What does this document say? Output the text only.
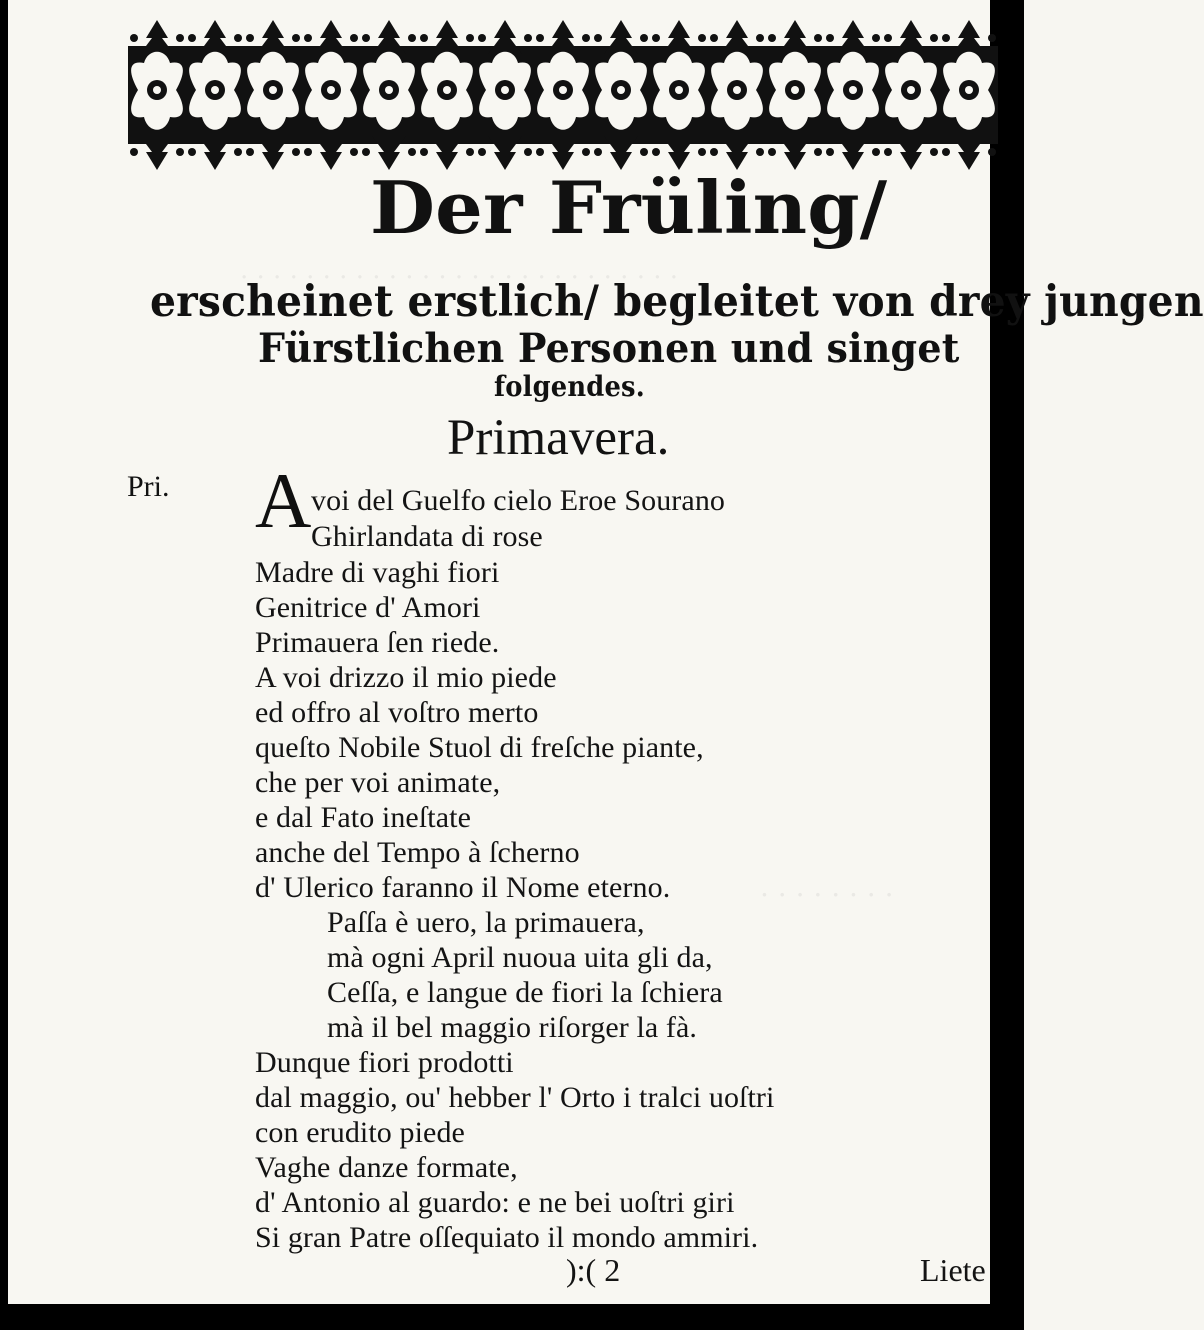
. . . . . . . . . . . . . . . . . . . . . . . . . . .
. . . . . . . .
Der Früling/
erscheinet erstlich/ begleitet von drey jungen
Fürstlichen Personen und singet
folgendes.
Primavera.
Pri. A voi del Guelfo cielo Eroe Sourano
Ghirlandata di rose
Madre di vaghi fiori
Genitrice d' Amori
Primauera ſen riede.
A voi drizzo il mio piede
ed offro al voſtro merto
queſto Nobile Stuol di freſche piante,
che per voi animate,
e dal Fato ineſtate
anche del Tempo à ſcherno
d' Ulerico faranno il Nome eterno.
Paſſa è uero, la primauera,
mà ogni April nuoua uita gli da,
Ceſſa, e langue de fiori la ſchiera
mà il bel maggio riſorger la fà.
Dunque fiori prodotti
dal maggio, ou' hebber l' Orto i tralci uoſtri
con erudito piede
Vaghe danze formate,
d' Antonio al guardo: e ne bei uoſtri giri
Si gran Patre oſſequiato il mondo ammiri.
):( 2	Liete
